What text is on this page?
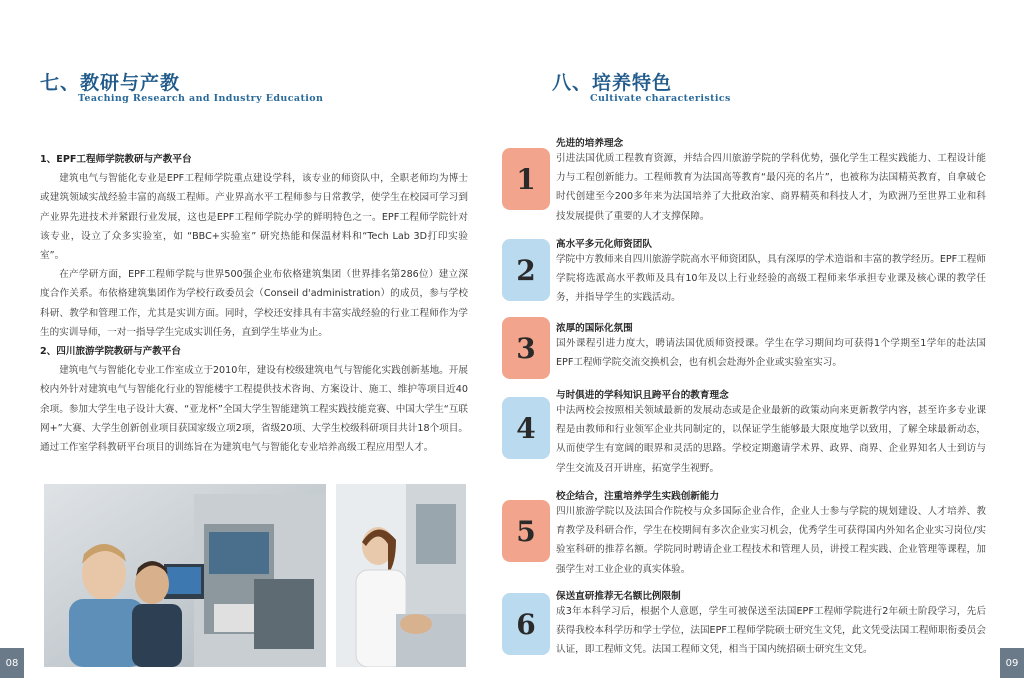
七、教研与产教
Teaching Research and Industry Education

1、EPF工程师学院教研与产教平台

建筑电气与智能化专业是EPF工程师学院重点建设学科，该专业的师资队中，全职老师均为博士或建筑领域实战经验丰富的高级工程师。产业界高水平工程师参与日常教学，使学生在校园可学习到产业界先进技术并紧跟行业发展，这也是EPF工程师学院办学的鲜明特色之一。EPF工程师学院针对该专业，设立了众多实验室，如 “BBC+实验室” 研究热能和保温材料和“Tech Lab 3D打印实验室”。

在产学研方面，EPF工程师学院与世界500强企业布依格建筑集团（世界排名第286位）建立深度合作关系。布依格建筑集团作为学校行政委员会（Conseil d'administration）的成员，参与学校科研、教学和管理工作，尤其是实训方面。同时，学校还安排具有丰富实战经验的行业工程师作为学生的实训导师，一对一指导学生完成实训任务，直到学生毕业为止。

2、四川旅游学院教研与产教平台

建筑电气与智能化专业工作室成立于2010年，建设有校级建筑电气与智能化实践创新基地。开展校内外针对建筑电气与智能化行业的智能楼宇工程提供技术咨询、方案设计、施工、维护等项目近40余项。参加大学生电子设计大赛、“亚龙杯”全国大学生智能建筑工程实践技能竞赛、中国大学生“互联网+”大赛、大学生创新创业项目获国家级立项2项，省级20项、大学生校级科研项目共计18个项目。通过工作室学科教研平台项目的训练旨在为建筑电气与智能化专业培养高级工程应用型人才。

08
八、培养特色
Cultivate characteristics
1
先进的培养理念
引进法国优质工程教育资源，并结合四川旅游学院的学科优势，强化学生工程实践能力、工程设计能力与工程创新能力。工程师教育为法国高等教育“最闪亮的名片”，也被称为法国精英教育，自拿破仑时代创建至今200多年来为法国培养了大批政治家、商界精英和科技人才，为欧洲乃至世界工业和科技发展提供了重要的人才支撑保障。
2
高水平多元化师资团队
学院中方教师来自四川旅游学院高水平师资团队，具有深厚的学术造诣和丰富的教学经历。EPF工程师学院将选派高水平教师及具有10年及以上行业经验的高级工程师来华承担专业课及核心课的教学任务，并指导学生的实践活动。
3
浓厚的国际化氛围
国外课程引进力度大，聘请法国优质师资授课。学生在学习期间均可获得1个学期至1学年的赴法国EPF工程师学院交流交换机会，也有机会赴海外企业或实验室实习。
4
与时俱进的学科知识且跨平台的教育理念
中法两校会按照相关领域最新的发展动态或是企业最新的政策动向来更新教学内容，甚至许多专业课程是由教师和行业领军企业共同制定的，以保证学生能够最大限度地学以致用，了解全球最新动态，从而使学生有宽阔的眼界和灵活的思路。学校定期邀请学术界、政界、商界、企业界知名人士到访与学生交流及召开讲座，拓宽学生视野。
5
校企结合，注重培养学生实践创新能力
四川旅游学院以及法国合作院校与众多国际企业合作，企业人士参与学院的规划建设、人才培养、教育教学及科研合作，学生在校期间有多次企业实习机会，优秀学生可获得国内外知名企业实习岗位/实验室科研的推荐名额。学院同时聘请企业工程技术和管理人员，讲授工程实践、企业管理等课程，加强学生对工业企业的真实体验。
6
保送直研推荐无名额比例限制
成3年本科学习后，根据个人意愿，学生可被保送至法国EPF工程师学院进行2年硕士阶段学习，先后获得我校本科学历和学士学位，法国EPF工程师学院硕士研究生文凭，此文凭受法国工程师职衔委员会认证，即工程师文凭。法国工程师文凭，相当于国内统招硕士研究生文凭。
09
